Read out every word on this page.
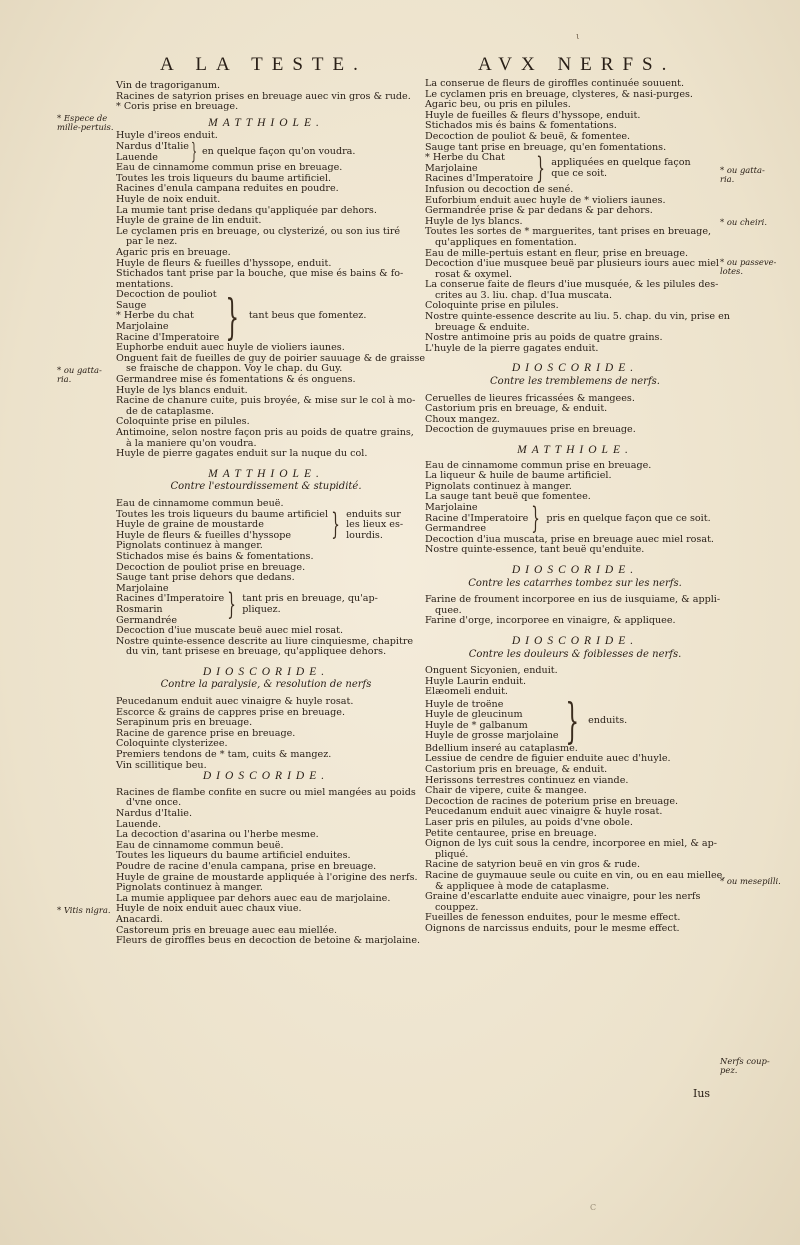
ι
A LA TESTE.	AVX NERFS.
* Espece de mille-pertuis.
* ou gatta-ria.
* Vitis nigra.
* ou gatta-ria.
* ou cheiri.
* ou passeve-lotes.
* ou mesepilli.
Nerfs coup-pez.
Vin de tragoriganum.
Racines de satyrion prises en breuage auec vin gros & rude.
* Coris prise en breuage.
MATTHIOLE.
Huyle d'ireos enduit.
Nardus d'Italie
Lauende	} en quelque façon qu'on voudra.
Eau de cinnamome commun prise en breuage.
Toutes les trois liqueurs du baume artificiel.
Racines d'enula campana reduites en poudre.
Huyle de noix enduit.
La mumie tant prise dedans qu'appliquée par dehors.
Huyle de graine de lin enduit.
Le cyclamen pris en breuage, ou clysterizé, ou son ius tiré
par le nez.
Agaric pris en breuage.
Huyle de fleurs & fueilles d'hyssope, enduit.
Stichados tant prise par la bouche, que mise és bains & fo-
mentations.
Decoction de pouliot
Sauge
* Herbe du chat
Marjolaine
Racine d'Imperatoire } tant beus que fomentez.
Euphorbe enduit auec huyle de violiers iaunes.
Onguent fait de fueilles de guy de poirier sauuage & de graisse
se fraische de chappon. Voy le chap. du Guy.
Germandree mise és fomentations & és onguens.
Huyle de lys blancs enduit.
Racine de chanure cuite, puis broyée, & mise sur le col à mo-
de de cataplasme.
Coloquinte prise en pilules.
Antimoine, selon nostre façon pris au poids de quatre grains,
à la maniere qu'on voudra.
Huyle de pierre gagates enduit sur la nuque du col.
MATTHIOLE.
Contre l'estourdissement & stupidité.
Eau de cinnamome commun beuë.
Toutes les trois liqueurs du baume artificiel
Huyle de graine de moustarde
Huyle de fleurs & fueilles d'hyssope	} enduits sur
les lieux es-
lourdis.
Pignolats continuez à manger.
Stichados mise és bains & fomentations.
Decoction de pouliot prise en breuage.
Sauge tant prise dehors que dedans.
Marjolaine
Racines d'Imperatoire
Rosmarin
Germandrée	} tant pris en breuage, qu'ap-
pliquez.
Decoction d'iue muscate beuë auec miel rosat.
Nostre quinte-essence descrite au liure cinquiesme, chapitre
du vin, tant prisese en breuage, qu'appliquee dehors.
DIOSCORIDE.
Contre la paralysie, & resolution de nerfs
Peucedanum enduit auec vinaigre & huyle rosat.
Escorce & grains de cappres prise en breuage.
Serapinum pris en breuage.
Racine de garence prise en breuage.
Coloquinte clysterizee.
Premiers tendons de * tam, cuits & mangez.
Vin scillitique beu.
DIOSCORIDE.
Racines de flambe confite en sucre ou miel mangées au poids
d'vne once.
Nardus d'Italie.
Lauende.
La decoction d'asarina ou l'herbe mesme.
Eau de cinnamome commun beuë.
Toutes les liqueurs du baume artificiel enduites.
Poudre de racine d'enula campana, prise en breuage.
Huyle de graine de moustarde appliquée à l'origine des nerfs.
Pignolats continuez à manger.
La mumie appliquee par dehors auec eau de marjolaine.
Huyle de noix enduit auec chaux viue.
Anacardi.
Castoreum pris en breuage auec eau miellée.
Fleurs de giroffles beus en decoction de betoine & marjolaine.
La conserue de fleurs de giroffles continuée souuent.
Le cyclamen pris en breuage, clysteres, & nasi-purges.
Agaric beu, ou pris en pilules.
Huyle de fueilles & fleurs d'hyssope, enduit.
Stichados mis és bains & fomentations.
Decoction de pouliot & beuë, & fomentee.
Sauge tant prise en breuage, qu'en fomentations.
* Herbe du Chat
Marjolaine
Racines d'Imperatoire } appliquées en quelque façon
que ce soit.
Infusion ou decoction de sené.
Euforbium enduit auec huyle de * violiers iaunes.
Germandrée prise & par dedans & par dehors.
Huyle de lys blancs.
Toutes les sortes de * marguerites, tant prises en breuage,
qu'appliques en fomentation.
Eau de mille-pertuis estant en fleur, prise en breuage.
Decoction d'iue musquee beuë par plusieurs iours auec miel
rosat & oxymel.
La conserue faite de fleurs d'iue musquée, & les pilules des-
crites au 3. liu. chap. d'Iua muscata.
Coloquinte prise en pilules.
Nostre quinte-essence descrite au liu. 5. chap. du vin, prise en
breuage & enduite.
Nostre antimoine pris au poids de quatre grains.
L'huyle de la pierre gagates enduit.
DIOSCORIDE.
Contre les tremblemens de nerfs.
Ceruelles de lieures fricassées & mangees.
Castorium pris en breuage, & enduit.
Choux mangez.
Decoction de guymauues prise en breuage.
MATTHIOLE.
Eau de cinnamome commun prise en breuage.
La liqueur & huile de baume artificiel.
Pignolats continuez à manger.
La sauge tant beuë que fomentee.
Marjolaine
Racine d'Imperatoire
Germandree	} pris en quelque façon que ce soit.
Decoction d'iua muscata, prise en breuage auec miel rosat.
Nostre quinte-essence, tant beuë qu'enduite.
DIOSCORIDE.
Contre les catarrhes tombez sur les nerfs.
Farine de froument incorporee en ius de iusquiame, & appli-
quee.
Farine d'orge, incorporee en vinaigre, & appliquee.
DIOSCORIDE.
Contre les douleurs & foiblesses de nerfs.
Onguent Sicyonien, enduit.
Huyle Laurin enduit.
Elæomeli enduit.
Huyle de troëne
Huyle de gleucinum
Huyle de * galbanum
Huyle de grosse marjolaine } enduits.
Bdellium inseré au cataplasme.
Lessiue de cendre de figuier enduite auec d'huyle.
Castorium pris en breuage, & enduit.
Herissons terrestres continuez en viande.
Chair de vipere, cuite & mangee.
Decoction de racines de poterium prise en breuage.
Peucedanum enduit auec vinaigre & huyle rosat.
Laser pris en pilules, au poids d'vne obole.
Petite centauree, prise en breuage.
Oignon de lys cuit sous la cendre, incorporee en miel, & ap-
pliqué.
Racine de satyrion beuë en vin gros & rude.
Racine de guymauue seule ou cuite en vin, ou en eau miellee,
& appliquee à mode de cataplasme.
Graine d'escarlatte enduite auec vinaigre, pour les nerfs
couppez.
Fueilles de fenesson enduites, pour le mesme effect.
Oignons de narcissus enduits, pour le mesme effect.
Ius
C
